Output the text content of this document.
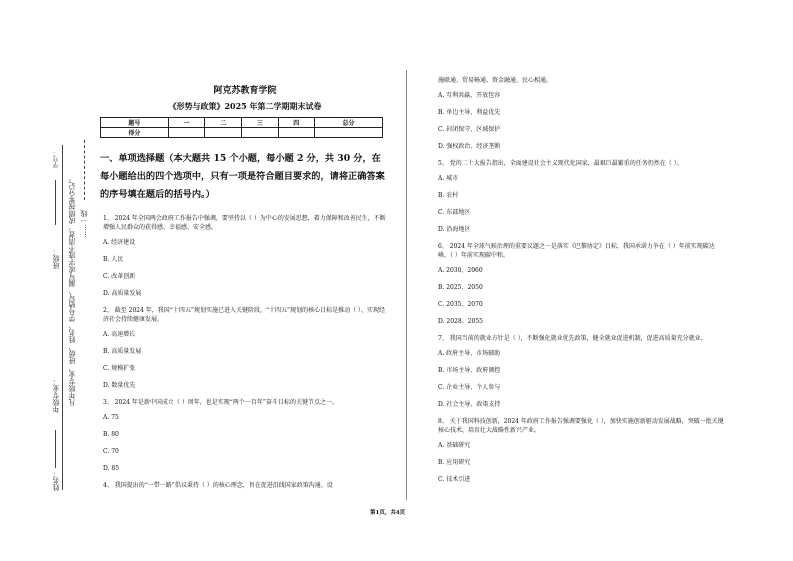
学号：
班级：
年级专业：
姓名：
凡年级专业、班级、姓名、学号错写、漏写或字迹不清者，成绩按零分记。 ……一线
阿克苏教育学院
《形势与政策》2025 年第二学期期末试卷
题号	一	二	三	四	总分
得分					
一、单项选择题（本大题共 15 个小题，每小题 2 分，共 30 分，在每小题给出的四个选项中，只有一项是符合题目要求的，请将正确答案的序号填在题后的括号内。）
1、 2024 年全国两会政府工作报告中强调，要坚持以（ ）为中心的发展思想，着力保障和改善民生，不断增强人民群众的获得感、幸福感、安全感。
A. 经济建设
B. 人民
C. 改革创新
D. 高质量发展
2、 截至 2024 年，我国“十四五”规划实施已进入关键阶段，“十四五”规划的核心目标是推动（ ），实现经济社会持续健康发展。
A. 高速增长
B. 高质量发展
C. 规模扩张
D. 数量优先
3、 2024 年是新中国成立（ ）周年，也是实现“两个一百年”奋斗目标的关键节点之一。
A. 75
B. 80
C. 70
D. 85
4、 我国提出的“一带一路”倡议秉持（ ）的核心理念，旨在促进沿线国家政策沟通、设
施联通、贸易畅通、资金融通、民心相通。
A. 互利共赢、开放包容
B. 单边主导、利益优先
C. 封闭保守、区域保护
D. 强权政治、经济垄断
5、 党的二十大报告指出，全面建设社会主义现代化国家，最艰巨最繁重的任务仍然在（ ）。
A. 城市
B. 农村
C. 东部地区
D. 沿海地区
6、 2024 年全球气候治理的重要议题之一是落实《巴黎协定》目标，我国承诺力争在（ ）年前实现碳达峰，（ ）年前实现碳中和。
A. 2030、2060
B. 2025、2050
C. 2035、2070
D. 2028、2055
7、 我国当前的就业方针是（ ），不断强化就业优先政策，健全就业促进机制，促进高质量充分就业。
A. 政府主导、市场辅助
B. 市场主导、政府调控
C. 企业主导、个人参与
D. 社会主导、政策支持
8、 关于我国科技创新，2024 年政府工作报告强调要强化（ ），加快实施创新驱动发展战略，突破一批关键核心技术，培育壮大战略性新兴产业。
A. 基础研究
B. 应用研究
C. 技术引进
第1页，共4页
